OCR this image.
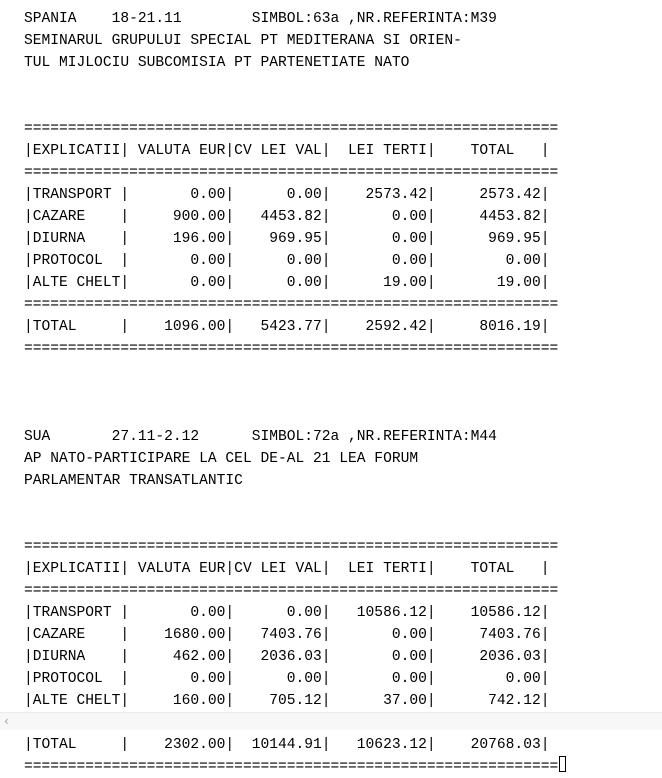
SPANIA    18-21.11        SIMBOL:63a ,NR.REFERINTA:M39
SEMINARUL GRUPULUI SPECIAL PT MEDITERANA SI ORIEN-
TUL MIJLOCIU SUBCOMISIA PT PARTENETIATE NATO
=============================================================
|EXPLICATII| VALUTA EUR|CV LEI VAL|  LEI TERTI|    TOTAL   |
=============================================================
|TRANSPORT |       0.00|      0.00|    2573.42|     2573.42|
|CAZARE    |     900.00|   4453.82|       0.00|     4453.82|
|DIURNA    |     196.00|    969.95|       0.00|      969.95|
|PROTOCOL  |       0.00|      0.00|       0.00|        0.00|
|ALTE CHELT|       0.00|      0.00|      19.00|       19.00|
=============================================================
|TOTAL     |    1096.00|   5423.77|    2592.42|     8016.19|
=============================================================
SUA       27.11-2.12      SIMBOL:72a ,NR.REFERINTA:M44
AP NATO-PARTICIPARE LA CEL DE-AL 21 LEA FORUM
PARLAMENTAR TRANSATLANTIC
=============================================================
|EXPLICATII| VALUTA EUR|CV LEI VAL|  LEI TERTI|    TOTAL   |
=============================================================
|TRANSPORT |       0.00|      0.00|   10586.12|    10586.12|
|CAZARE    |    1680.00|   7403.76|       0.00|     7403.76|
|DIURNA    |     462.00|   2036.03|       0.00|     2036.03|
|PROTOCOL  |       0.00|      0.00|       0.00|        0.00|
|ALTE CHELT|     160.00|    705.12|      37.00|      742.12|
|TOTAL     |    2302.00|  10144.91|   10623.12|    20768.03|
=============================================================
‹
